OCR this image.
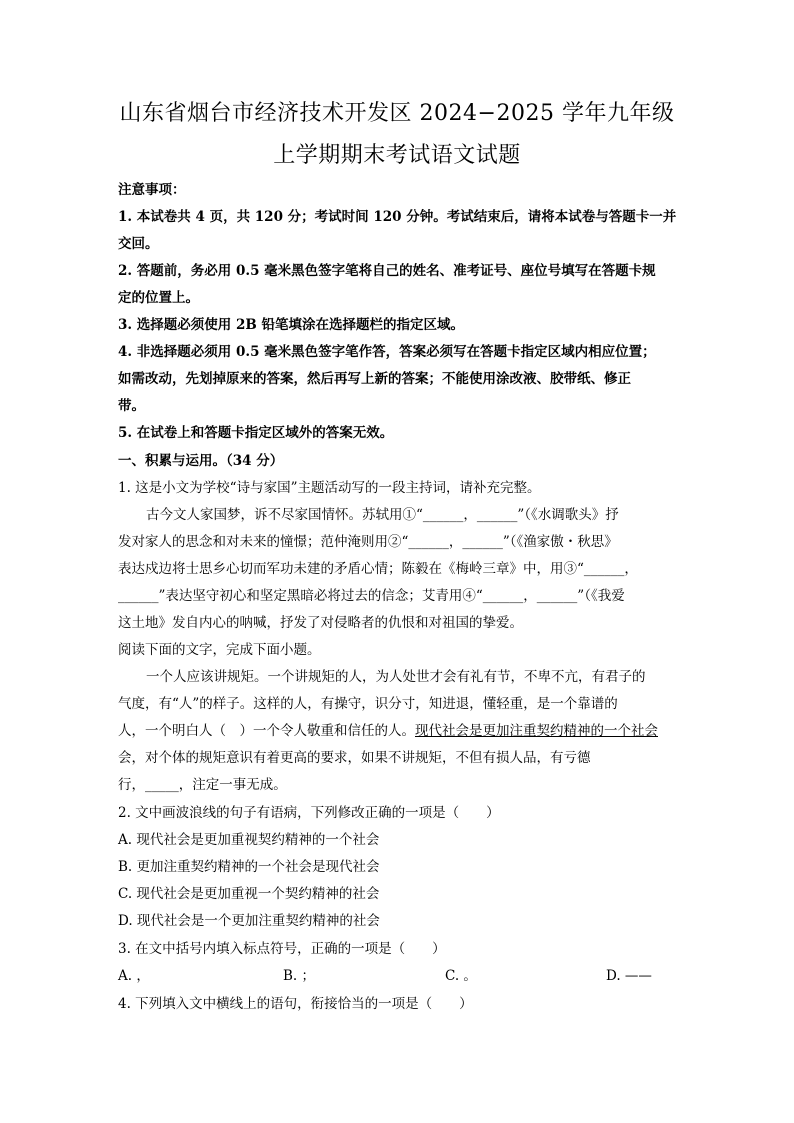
山东省烟台市经济技术开发区 2024−2025 学年九年级
上学期期末考试语文试题

注意事项：

1. 本试卷共 4 页，共 120 分；考试时间 120 分钟。考试结束后，请将本试卷与答题卡一并

交回。

2. 答题前，务必用 0.5 毫米黑色签字笔将自己的姓名、准考证号、座位号填写在答题卡规

定的位置上。

3. 选择题必须使用 2B 铅笔填涂在选择题栏的指定区域。

4. 非选择题必须用 0.5 毫米黑色签字笔作答，答案必须写在答题卡指定区域内相应位置；

如需改动，先划掉原来的答案，然后再写上新的答案；不能使用涂改液、胶带纸、修正

带。

5. 在试卷上和答题卡指定区域外的答案无效。

一、积累与运用。（34 分）

1. 这是小文为学校“诗与家国”主题活动写的一段主持词，请补充完整。

古今文人家国梦，诉不尽家国情怀。苏轼用①“______，______”（《水调歌头》抒

发对家人的思念和对未来的憧憬；范仲淹则用②“______，______”（《渔家傲・秋思》

表达戍边将士思乡心切而军功未建的矛盾心情；陈毅在《梅岭三章》中，用③“______，

______”表达坚守初心和坚定黑暗必将过去的信念；艾青用④“______，______”（《我爱

这土地》发自内心的呐喊，抒发了对侵略者的仇恨和对祖国的挚爱。

阅读下面的文字，完成下面小题。

一个人应该讲规矩。一个讲规矩的人，为人处世才会有礼有节，不卑不亢，有君子的

气度，有“人”的样子。这样的人，有操守，识分寸，知进退，懂轻重，是一个靠谱的

人，一个明白人（　）一个令人敬重和信任的人。现代社会是更加注重契约精神的一个社会

会，对个体的规矩意识有着更高的要求，如果不讲规矩，不但有损人品，有亏德

行，_____，注定一事无成。

2. 文中画波浪线的句子有语病，下列修改正确的一项是（　　）

A. 现代社会是更加重视契约精神的一个社会

B. 更加注重契约精神的一个社会是现代社会

C. 现代社会是更加重视一个契约精神的社会

D. 现代社会是一个更加注重契约精神的社会

3. 在文中括号内填入标点符号，正确的一项是（　　）

A. ，	B. ；	C. 。	D. ——

4. 下列填入文中横线上的语句，衔接恰当的一项是（　　）
